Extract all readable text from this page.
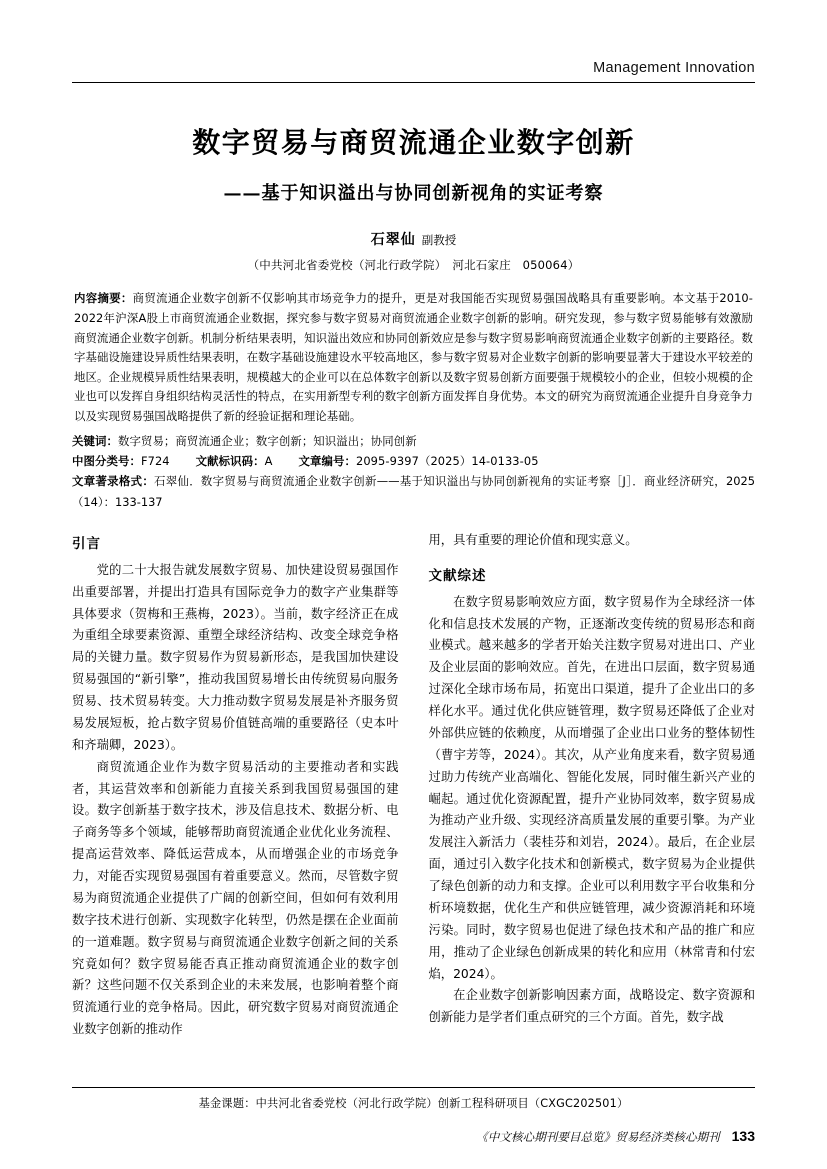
Management Innovation
数字贸易与商贸流通企业数字创新
——基于知识溢出与协同创新视角的实证考察
石翠仙 副教授
（中共河北省委党校（河北行政学院）　河北石家庄　050064）
内容摘要：商贸流通企业数字创新不仅影响其市场竞争力的提升，更是对我国能否实现贸易强国战略具有重要影响。本文基于2010-2022年沪深A股上市商贸流通企业数据，探究参与数字贸易对商贸流通企业数字创新的影响。研究发现，参与数字贸易能够有效激励商贸流通企业数字创新。机制分析结果表明，知识溢出效应和协同创新效应是参与数字贸易影响商贸流通企业数字创新的主要路径。数字基础设施建设异质性结果表明，在数字基础设施建设水平较高地区，参与数字贸易对企业数字创新的影响要显著大于建设水平较差的地区。企业规模异质性结果表明，规模越大的企业可以在总体数字创新以及数字贸易创新方面要强于规模较小的企业，但较小规模的企业也可以发挥自身组织结构灵活性的特点，在实用新型专利的数字创新方面发挥自身优势。本文的研究为商贸流通企业提升自身竞争力以及实现贸易强国战略提供了新的经验证据和理论基础。
关键词：数字贸易；商贸流通企业；数字创新；知识溢出；协同创新
中图分类号：F724 文献标识码：A 文章编号：2095-9397（2025）14-0133-05
文章著录格式：石翠仙．数字贸易与商贸流通企业数字创新——基于知识溢出与协同创新视角的实证考察［J］．商业经济研究，2025（14）：133-137
引言

党的二十大报告就发展数字贸易、加快建设贸易强国作出重要部署，并提出打造具有国际竞争力的数字产业集群等具体要求（贺梅和王燕梅，2023）。当前，数字经济正在成为重组全球要素资源、重塑全球经济结构、改变全球竞争格局的关键力量。数字贸易作为贸易新形态，是我国加快建设贸易强国的“新引擎”，推动我国贸易增长由传统贸易向服务贸易、技术贸易转变。大力推动数字贸易发展是补齐服务贸易发展短板，抢占数字贸易价值链高端的重要路径（史本叶和齐瑞卿，2023）。

商贸流通企业作为数字贸易活动的主要推动者和实践者，其运营效率和创新能力直接关系到我国贸易强国的建设。数字创新基于数字技术，涉及信息技术、数据分析、电子商务等多个领域，能够帮助商贸流通企业优化业务流程、提高运营效率、降低运营成本，从而增强企业的市场竞争力，对能否实现贸易强国有着重要意义。然而，尽管数字贸易为商贸流通企业提供了广阔的创新空间，但如何有效利用数字技术进行创新、实现数字化转型，仍然是摆在企业面前的一道难题。数字贸易与商贸流通企业数字创新之间的关系究竟如何？数字贸易能否真正推动商贸流通企业的数字创新？这些问题不仅关系到企业的未来发展，也影响着整个商贸流通行业的竞争格局。因此，研究数字贸易对商贸流通企业数字创新的推动作

用，具有重要的理论价值和现实意义。

文献综述

在数字贸易影响效应方面，数字贸易作为全球经济一体化和信息技术发展的产物，正逐渐改变传统的贸易形态和商业模式。越来越多的学者开始关注数字贸易对进出口、产业及企业层面的影响效应。首先，在进出口层面，数字贸易通过深化全球市场布局，拓宽出口渠道，提升了企业出口的多样化水平。通过优化供应链管理，数字贸易还降低了企业对外部供应链的依赖度，从而增强了企业出口业务的整体韧性（曹宇芳等，2024）。其次，从产业角度来看，数字贸易通过助力传统产业高端化、智能化发展，同时催生新兴产业的崛起。通过优化资源配置，提升产业协同效率，数字贸易成为推动产业升级、实现经济高质量发展的重要引擎。为产业发展注入新活力（裴桂芬和刘岩，2024）。最后，在企业层面，通过引入数字化技术和创新模式，数字贸易为企业提供了绿色创新的动力和支撑。企业可以利用数字平台收集和分析环境数据，优化生产和供应链管理，减少资源消耗和环境污染。同时，数字贸易也促进了绿色技术和产品的推广和应用，推动了企业绿色创新成果的转化和应用（林常青和付宏焰，2024）。

在企业数字创新影响因素方面，战略设定、数字资源和创新能力是学者们重点研究的三个方面。首先，数字战

基金课题：中共河北省委党校（河北行政学院）创新工程科研项目（CXGC202501）
《中文核心期刊要目总览》贸易经济类核心期刊 133
